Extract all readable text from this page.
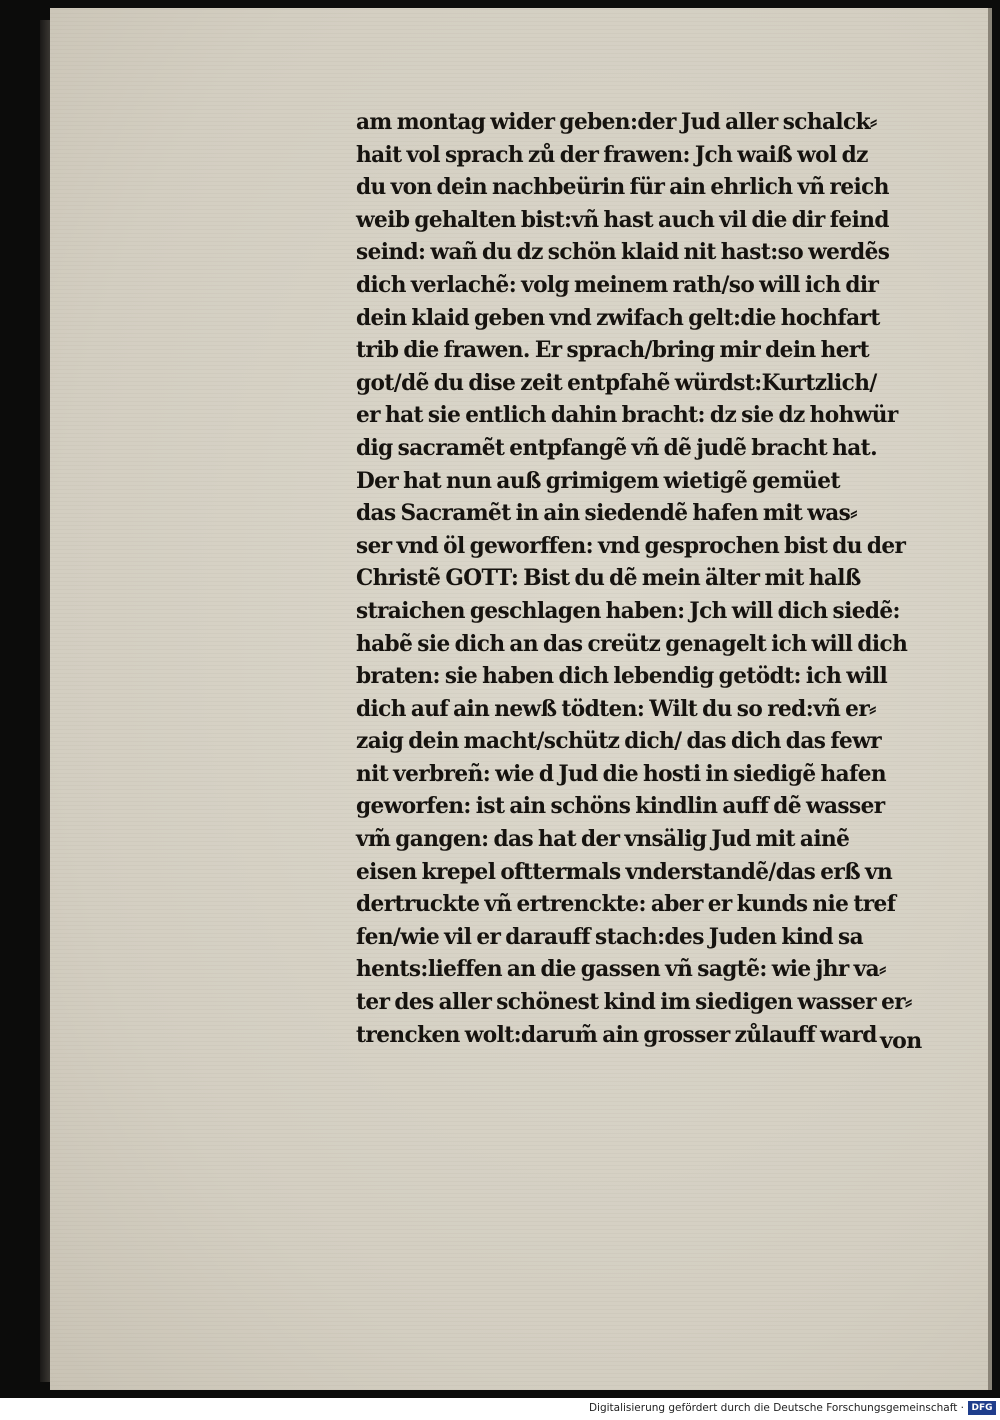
am montag wider geben:der Jud aller schalck⸗
hait vol sprach zů der frawen: Jch waiß wol dz
du von dein nachbeürin für ain ehrlich vñ reich
weib gehalten bist:vñ hast auch vil die dir feind
seind: wañ du dz schön klaid nit hast:so werdẽs
dich verlachẽ: volg meinem rath/so will ich dir
dein klaid geben vnd zwifach gelt:die hochfart
trib die frawen. Er sprach/bring mir dein hert
got/dẽ du dise zeit entpfahẽ würdst:Kurtzlich/
er hat sie entlich dahin bracht: dz sie dz hohwür
dig sacramẽt entpfangẽ vñ dẽ judẽ bracht hat.
Der hat nun auß grimigem wietigẽ gemüet
das Sacramẽt in ain siedendẽ hafen mit was⸗
ser vnd öl geworffen: vnd gesprochen bist du der
Christẽ GOTT: Bist du dẽ mein älter mit halß
straichen geschlagen haben: Jch will dich siedẽ:
habẽ sie dich an das creütz genagelt ich will dich
braten: sie haben dich lebendig getödt: ich will
dich auf ain newß tödten: Wilt du so red:vñ er⸗
zaig dein macht/schütz dich/ das dich das fewr
nit verbreñ: wie d Jud die hosti in siedigẽ hafen
geworfen: ist ain schöns kindlin auff dẽ wasser
vm̃ gangen: das hat der vnsälig Jud mit ainẽ
eisen krepel ofttermals vnderstandẽ/das erß vn
dertruckte vñ ertrenckte: aber er kunds nie tref
fen/wie vil er darauff stach:des Juden kind sa
hents:lieffen an die gassen vñ sagtẽ: wie jhr va⸗
ter des aller schönest kind im siedigen wasser er⸗
trencken wolt:darum̃ ain grosser zůlauff ward von
Digitalisierung gefördert durch die Deutsche Forschungsgemeinschaft · DFG
